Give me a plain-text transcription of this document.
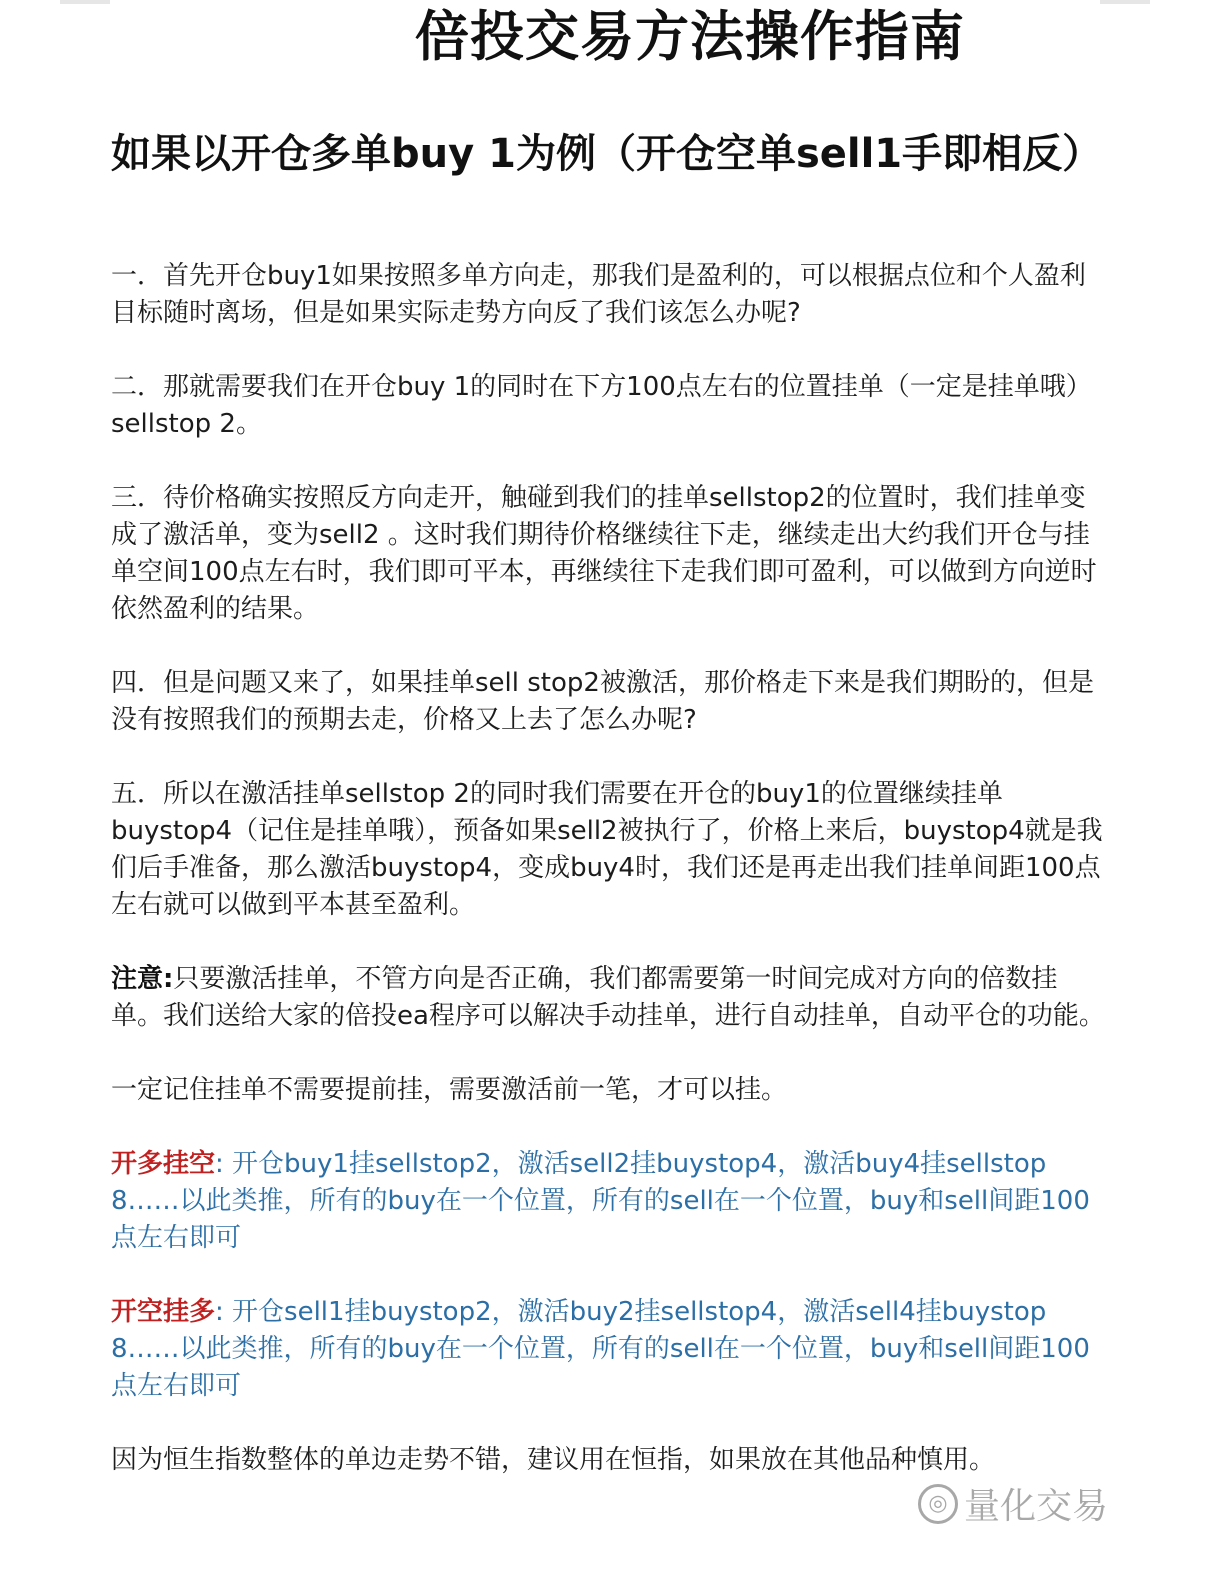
倍投交易方法操作指南
如果以开仓多单buy 1为例（开仓空单sell1手即相反）

一．首先开仓buy1如果按照多单方向走，那我们是盈利的，可以根据点位和个人盈利目标随时离场，但是如果实际走势方向反了我们该怎么办呢?

二．那就需要我们在开仓buy 1的同时在下方100点左右的位置挂单（一定是挂单哦） sellstop 2。

三．待价格确实按照反方向走开，触碰到我们的挂单sellstop2的位置时，我们挂单变成了激活单，变为sell2 。这时我们期待价格继续往下走，继续走出大约我们开仓与挂单空间100点左右时，我们即可平本，再继续往下走我们即可盈利，可以做到方向逆时依然盈利的结果。

四．但是问题又来了，如果挂单sell stop2被激活，那价格走下来是我们期盼的，但是没有按照我们的预期去走，价格又上去了怎么办呢?

五．所以在激活挂单sellstop 2的同时我们需要在开仓的buy1的位置继续挂单buystop4（记住是挂单哦），预备如果sell2被执行了，价格上来后，buystop4就是我们后手准备，那么激活buystop4，变成buy4时，我们还是再走出我们挂单间距100点左右就可以做到平本甚至盈利。

注意:只要激活挂单，不管方向是否正确，我们都需要第一时间完成对方向的倍数挂单。我们送给大家的倍投ea程序可以解决手动挂单，进行自动挂单，自动平仓的功能。

一定记住挂单不需要提前挂，需要激活前一笔，才可以挂。

开多挂空: 开仓buy1挂sellstop2，激活sell2挂buystop4，激活buy4挂sellstop 8……以此类推，所有的buy在一个位置，所有的sell在一个位置，buy和sell间距100点左右即可

开空挂多: 开仓sell1挂buystop2，激活buy2挂sellstop4，激活sell4挂buystop 8……以此类推，所有的buy在一个位置，所有的sell在一个位置，buy和sell间距100点左右即可

因为恒生指数整体的单边走势不错，建议用在恒指，如果放在其他品种慎用。

◎ 量化交易
